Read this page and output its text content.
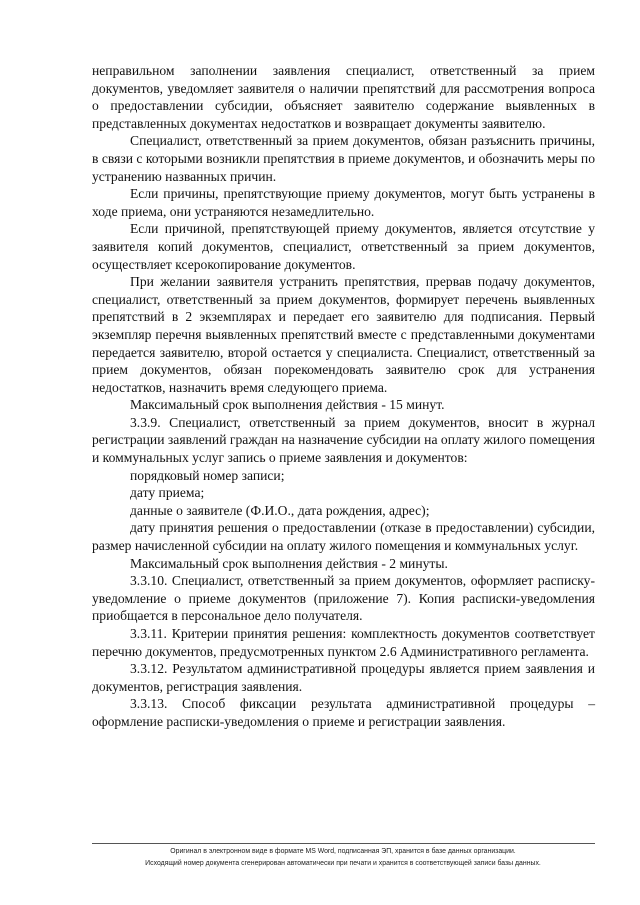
неправильном заполнении заявления специалист, ответственный за прием документов, уведомляет заявителя о наличии препятствий для рассмотрения вопроса о предоставлении субсидии, объясняет заявителю содержание выявленных в представленных документах недостатков и возвращает документы заявителю.

Специалист, ответственный за прием документов, обязан разъяснить причины, в связи с которыми возникли препятствия в приеме документов, и обозначить меры по устранению названных причин.

Если причины, препятствующие приему документов, могут быть устранены в ходе приема, они устраняются незамедлительно.

Если причиной, препятствующей приему документов, является отсутствие у заявителя копий документов, специалист, ответственный за прием документов, осуществляет ксерокопирование документов.

При желании заявителя устранить препятствия, прервав подачу документов, специалист, ответственный за прием документов, формирует перечень выявленных препятствий в 2 экземплярах и передает его заявителю для подписания. Первый экземпляр перечня выявленных препятствий вместе с представленными документами передается заявителю, второй остается у специалиста. Специалист, ответственный за прием документов, обязан порекомендовать заявителю срок для устранения недостатков, назначить время следующего приема.

Максимальный срок выполнения действия - 15 минут.

3.3.9. Специалист, ответственный за прием документов, вносит в журнал регистрации заявлений граждан на назначение субсидии на оплату жилого помещения и коммунальных услуг запись о приеме заявления и документов:

порядковый номер записи;

дату приема;

данные о заявителе (Ф.И.О., дата рождения, адрес);

дату принятия решения о предоставлении (отказе в предоставлении) субсидии, размер начисленной субсидии на оплату жилого помещения и коммунальных услуг.

Максимальный срок выполнения действия - 2 минуты.

3.3.10. Специалист, ответственный за прием документов, оформляет расписку-уведомление о приеме документов (приложение 7). Копия расписки-уведомления приобщается в персональное дело получателя.

3.3.11. Критерии принятия решения: комплектность документов соответствует перечню документов, предусмотренных пунктом 2.6 Административного регламента.

3.3.12. Результатом административной процедуры является прием заявления и документов, регистрация заявления.

3.3.13. Способ фиксации результата административной процедуры – оформление расписки-уведомления о приеме и регистрации заявления.

Оригинал в электронном виде в формате MS Word, подписанная ЭП, хранится в базе данных организации.
Исходящий номер документа сгенерирован автоматически при печати и хранится в соответствующей записи базы данных.
